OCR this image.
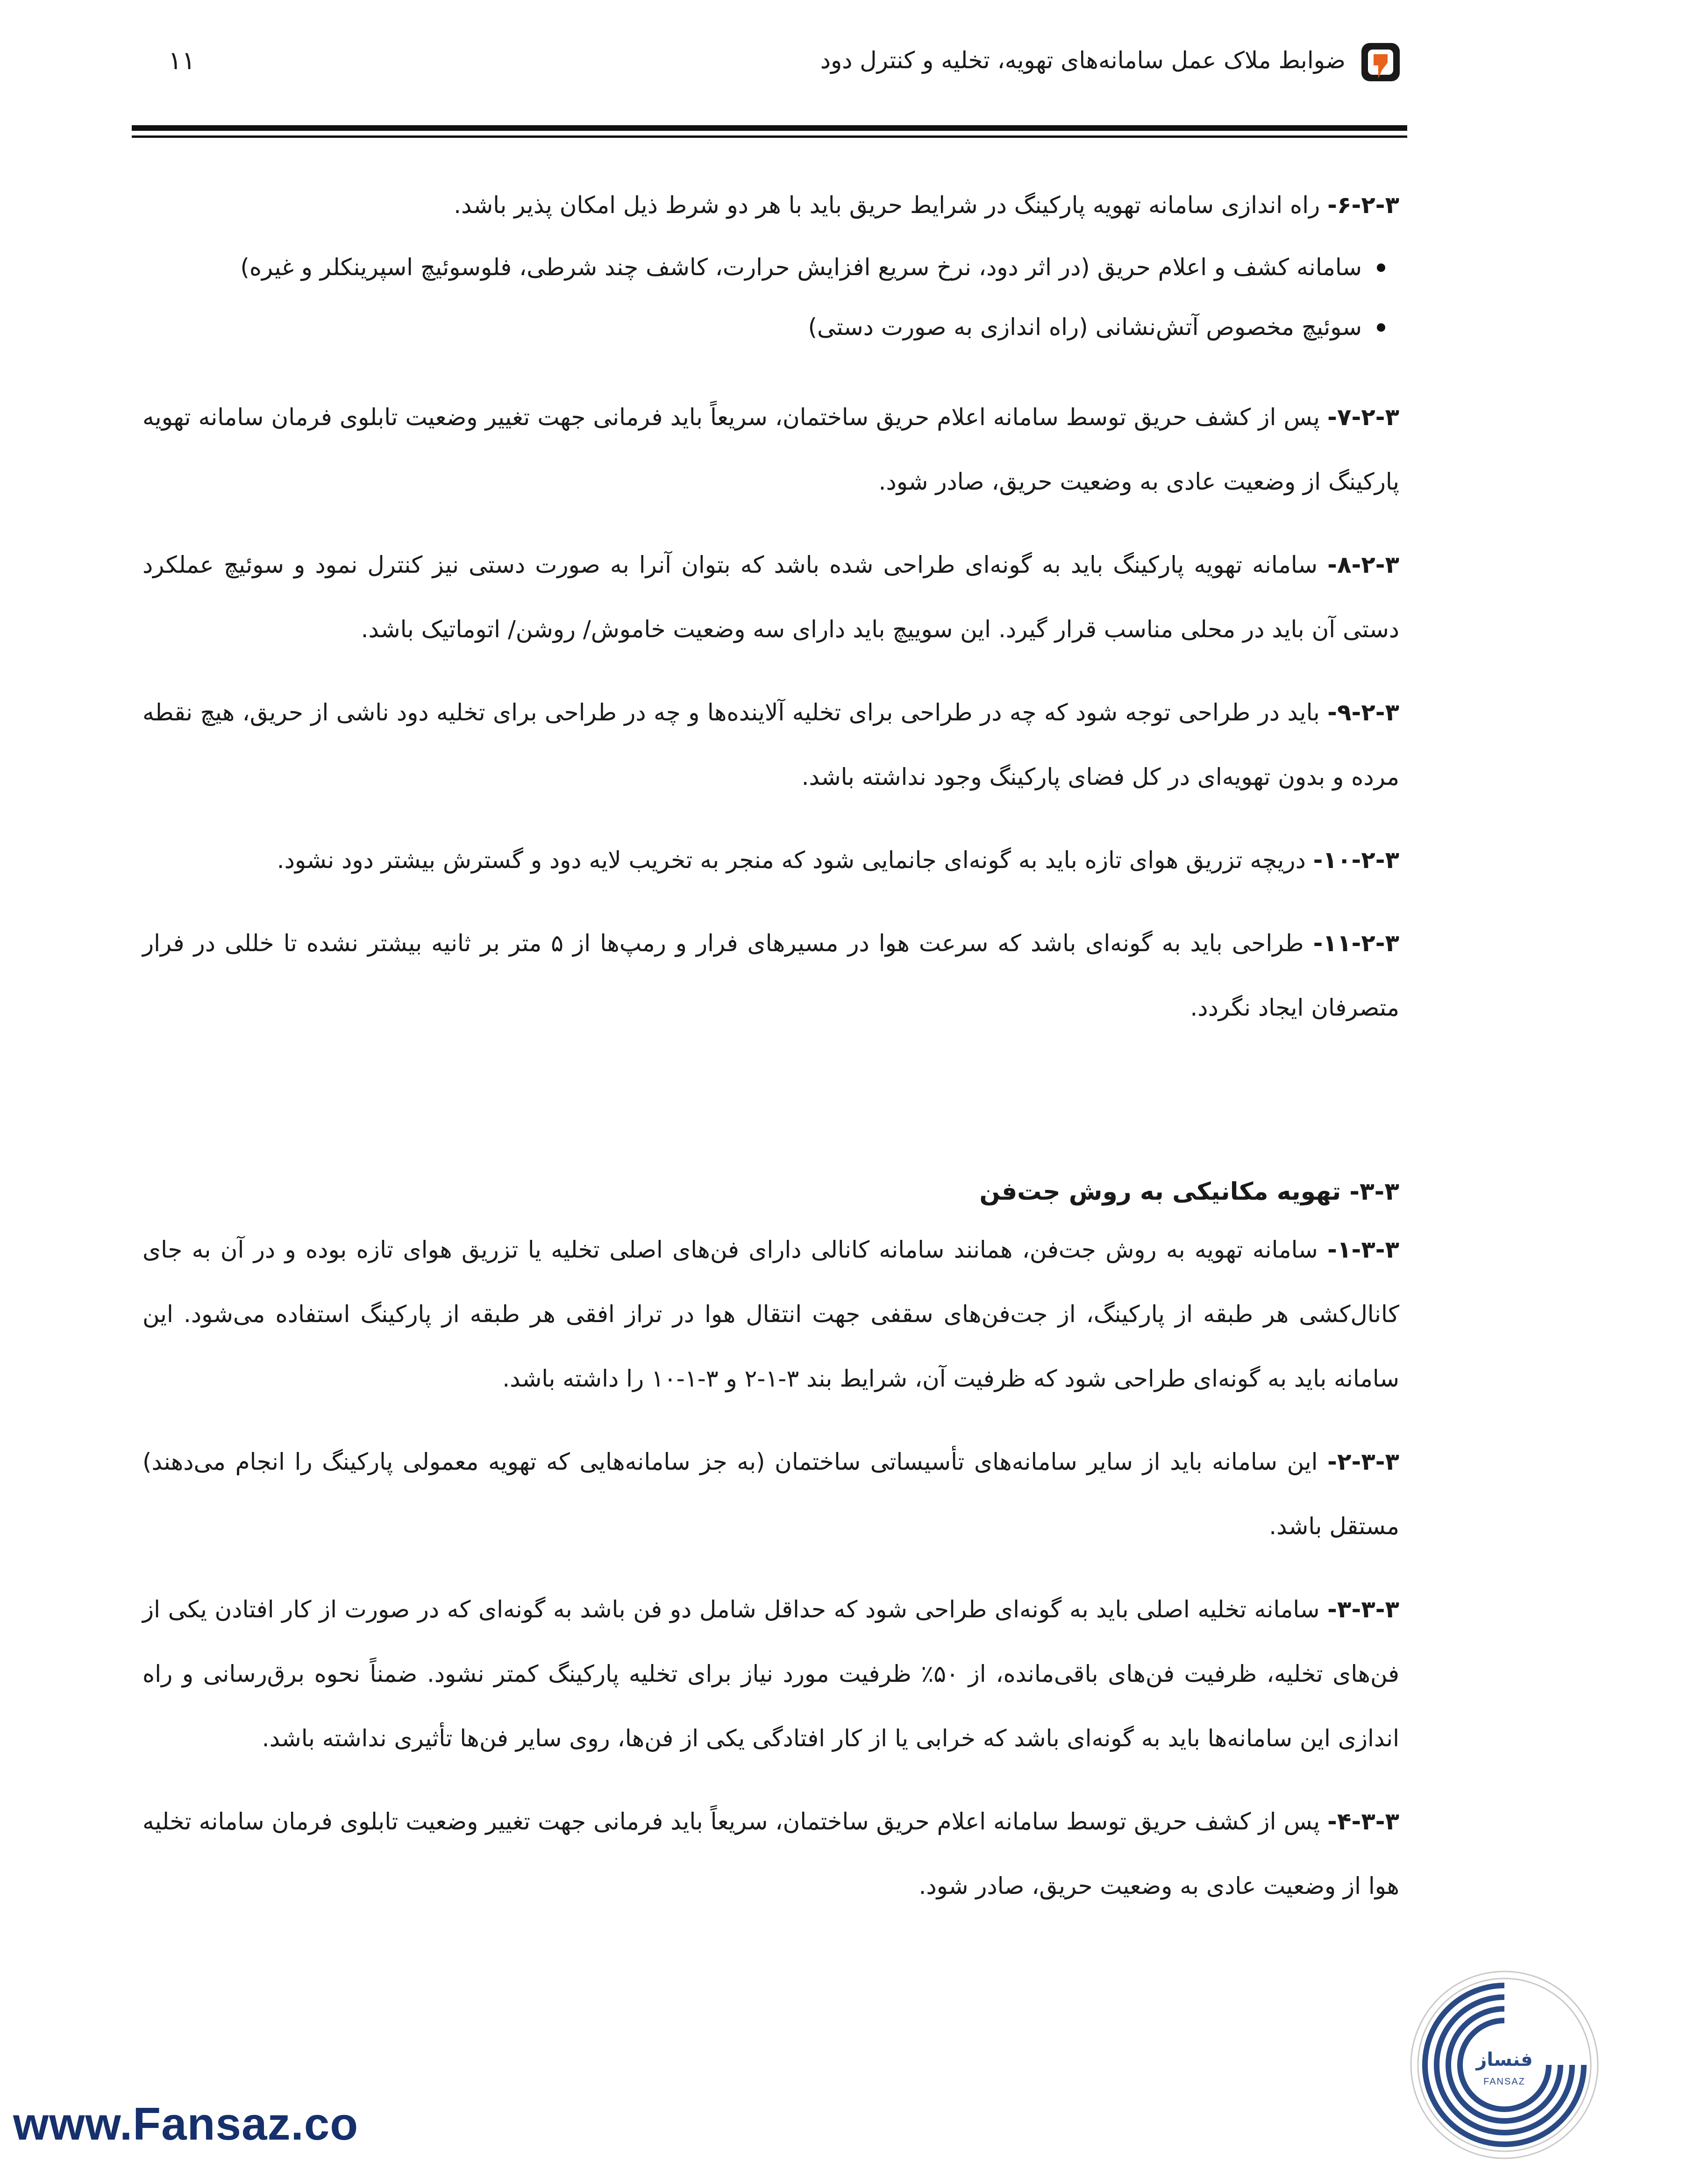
ضوابط ملاک عمل سامانه‌های تهویه، تخلیه و کنترل دود
۱۱

۶-۲-۳- راه اندازی سامانه تهویه پارکینگ در شرایط حریق باید با هر دو شرط ذیل امکان پذیر باشد.

سامانه کشف و اعلام حریق (در اثر دود، نرخ سریع افزایش حرارت، کاشف چند شرطی، فلوسوئیچ اسپرینکلر و غیره)
سوئیچ مخصوص آتش‌نشانی (راه اندازی به صورت دستی)

۷-۲-۳- پس از کشف حریق توسط سامانه اعلام حریق ساختمان، سریعاً باید فرمانی جهت تغییر وضعیت تابلوی فرمان سامانه تهویه پارکینگ از وضعیت عادی به وضعیت حریق، صادر شود.

۸-۲-۳- سامانه تهویه پارکینگ باید به گونه‌ای طراحی شده باشد که بتوان آنرا به صورت دستی نیز کنترل نمود و سوئیچ عملکرد دستی آن باید در محلی مناسب قرار گیرد. این سوییچ باید دارای سه وضعیت خاموش/ روشن/ اتوماتیک باشد.

۹-۲-۳- باید در طراحی توجه شود که چه در طراحی برای تخلیه آلاینده‌ها و چه در طراحی برای تخلیه دود ناشی از حریق، هیچ نقطه مرده و بدون تهویه‌ای در کل فضای پارکینگ وجود نداشته باشد.

۱۰-۲-۳- دریچه تزریق هوای تازه باید به گونه‌ای جانمایی شود که منجر به تخریب لایه دود و گسترش بیشتر دود نشود.

۱۱-۲-۳- طراحی باید به گونه‌ای باشد که سرعت هوا در مسیرهای فرار و رمپ‌ها از ۵ متر بر ثانیه بیشتر نشده تا خللی در فرار متصرفان ایجاد نگردد.

۳-۳- تهویه مکانیکی به روش جت‌فن

۱-۳-۳- سامانه تهویه به روش جت‌فن، همانند سامانه کانالی دارای فن‌های اصلی تخلیه یا تزریق هوای تازه بوده و در آن به جای کانال‌کشی هر طبقه از پارکینگ، از جت‌فن‌های سقفی جهت انتقال هوا در تراز افقی هر طبقه از پارکینگ استفاده می‌شود. این سامانه باید به گونه‌ای طراحی شود که ظرفیت آن، شرایط بند ۳-۱-۲ و ۳-۱-۱۰ را داشته باشد.

۲-۳-۳- این سامانه باید از سایر سامانه‌های تأسیساتی ساختمان (به جز سامانه‌هایی که تهویه معمولی پارکینگ را انجام می‌دهند) مستقل باشد.

۳-۳-۳- سامانه تخلیه اصلی باید به گونه‌ای طراحی شود که حداقل شامل دو فن باشد به گونه‌ای که در صورت از کار افتادن یکی از فن‌های تخلیه، ظرفیت فن‌های باقی‌مانده، از ۵۰٪ ظرفیت مورد نیاز برای تخلیه پارکینگ کمتر نشود. ضمناً نحوه برق‌رسانی و راه اندازی این سامانه‌ها باید به گونه‌ای باشد که خرابی یا از کار افتادگی یکی از فن‌ها، روی سایر فن‌ها تأثیری نداشته باشد.

۴-۳-۳- پس از کشف حریق توسط سامانه اعلام حریق ساختمان، سریعاً باید فرمانی جهت تغییر وضعیت تابلوی فرمان سامانه تخلیه هوا از وضعیت عادی به وضعیت حریق، صادر شود.

www.Fansaz.co
فنساز
FANSAZ
